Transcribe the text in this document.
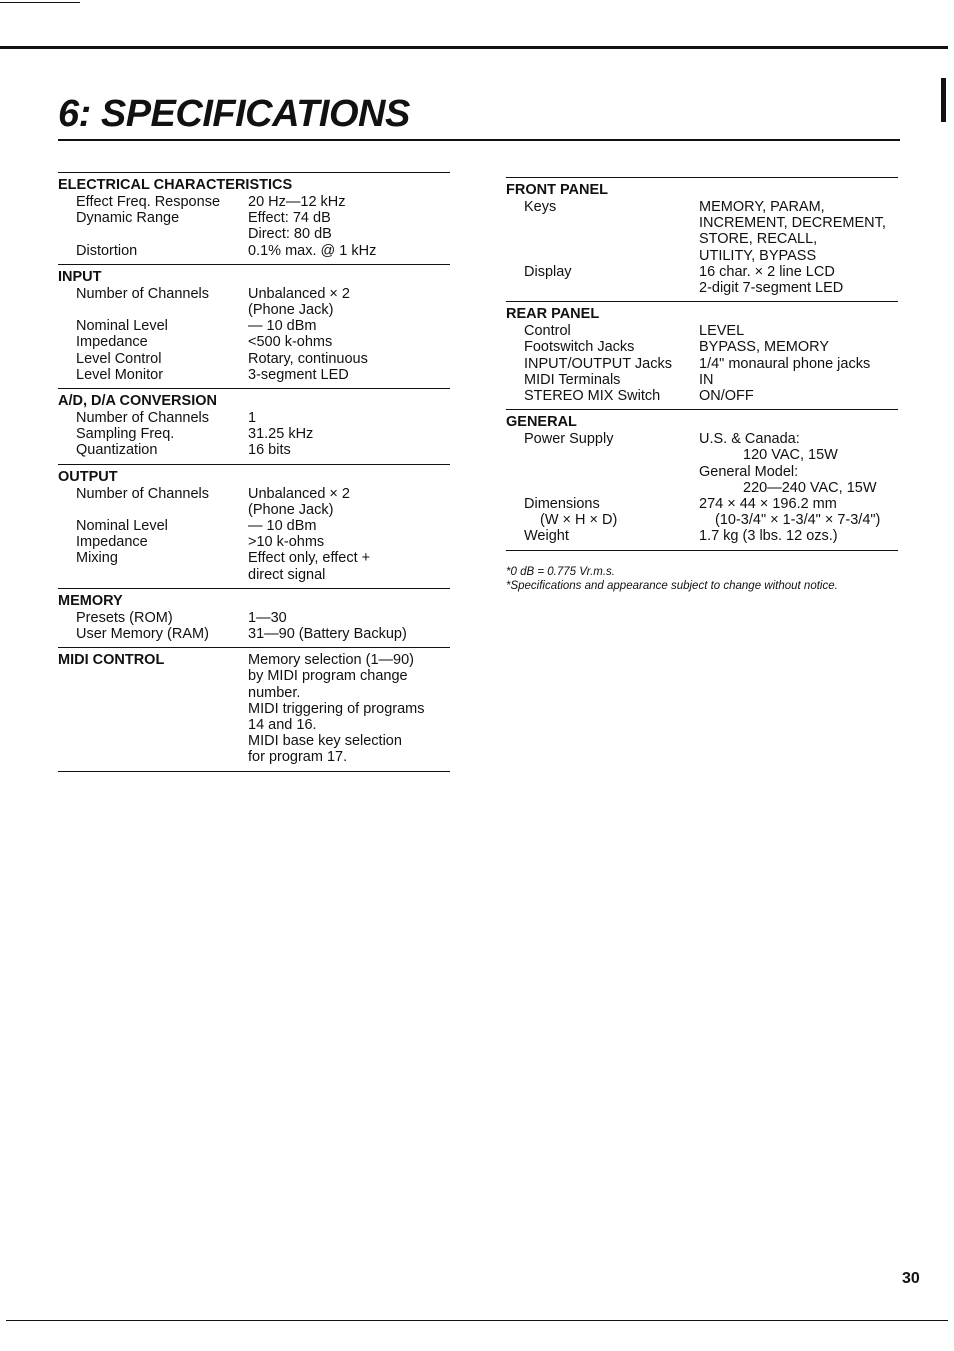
6: SPECIFICATIONS
ELECTRICAL CHARACTERISTICS
Effect Freq. Response	20 Hz—12 kHz
Dynamic Range	Effect: 74 dB
Direct: 80 dB
Distortion	0.1% max. @ 1 kHz
INPUT
Number of Channels	Unbalanced × 2
(Phone Jack)
Nominal Level	— 10 dBm
Impedance	<500 k-ohms
Level Control	Rotary, continuous
Level Monitor	3-segment LED
A/D, D/A CONVERSION
Number of Channels	1
Sampling Freq.	31.25 kHz
Quantization	16 bits
OUTPUT
Number of Channels	Unbalanced × 2
(Phone Jack)
Nominal Level	— 10 dBm
Impedance	>10 k-ohms
Mixing	Effect only, effect +
direct signal
MEMORY
Presets (ROM)	1—30
User Memory (RAM)	31—90 (Battery Backup)
MIDI CONTROL	Memory selection (1—90)
by MIDI program change
number.
MIDI triggering of programs
14 and 16.
MIDI base key selection
for program 17.
FRONT PANEL
Keys	MEMORY, PARAM,
INCREMENT, DECREMENT,
STORE, RECALL,
UTILITY, BYPASS
Display	16 char. × 2 line LCD
2-digit 7-segment LED
REAR PANEL
Control	LEVEL
Footswitch Jacks	BYPASS, MEMORY
INPUT/OUTPUT Jacks	1/4" monaural phone jacks
MIDI Terminals	IN
STEREO MIX Switch	ON/OFF
GENERAL
Power Supply	U.S. & Canada:
120 VAC, 15W
General Model:
220—240 VAC, 15W
Dimensions	274 × 44 × 196.2 mm
(W × H × D)	(10-3/4" × 1-3/4" × 7-3/4")
Weight	1.7 kg (3 lbs. 12 ozs.)
*0 dB = 0.775 Vr.m.s.
*Specifications and appearance subject to change without notice.
30
